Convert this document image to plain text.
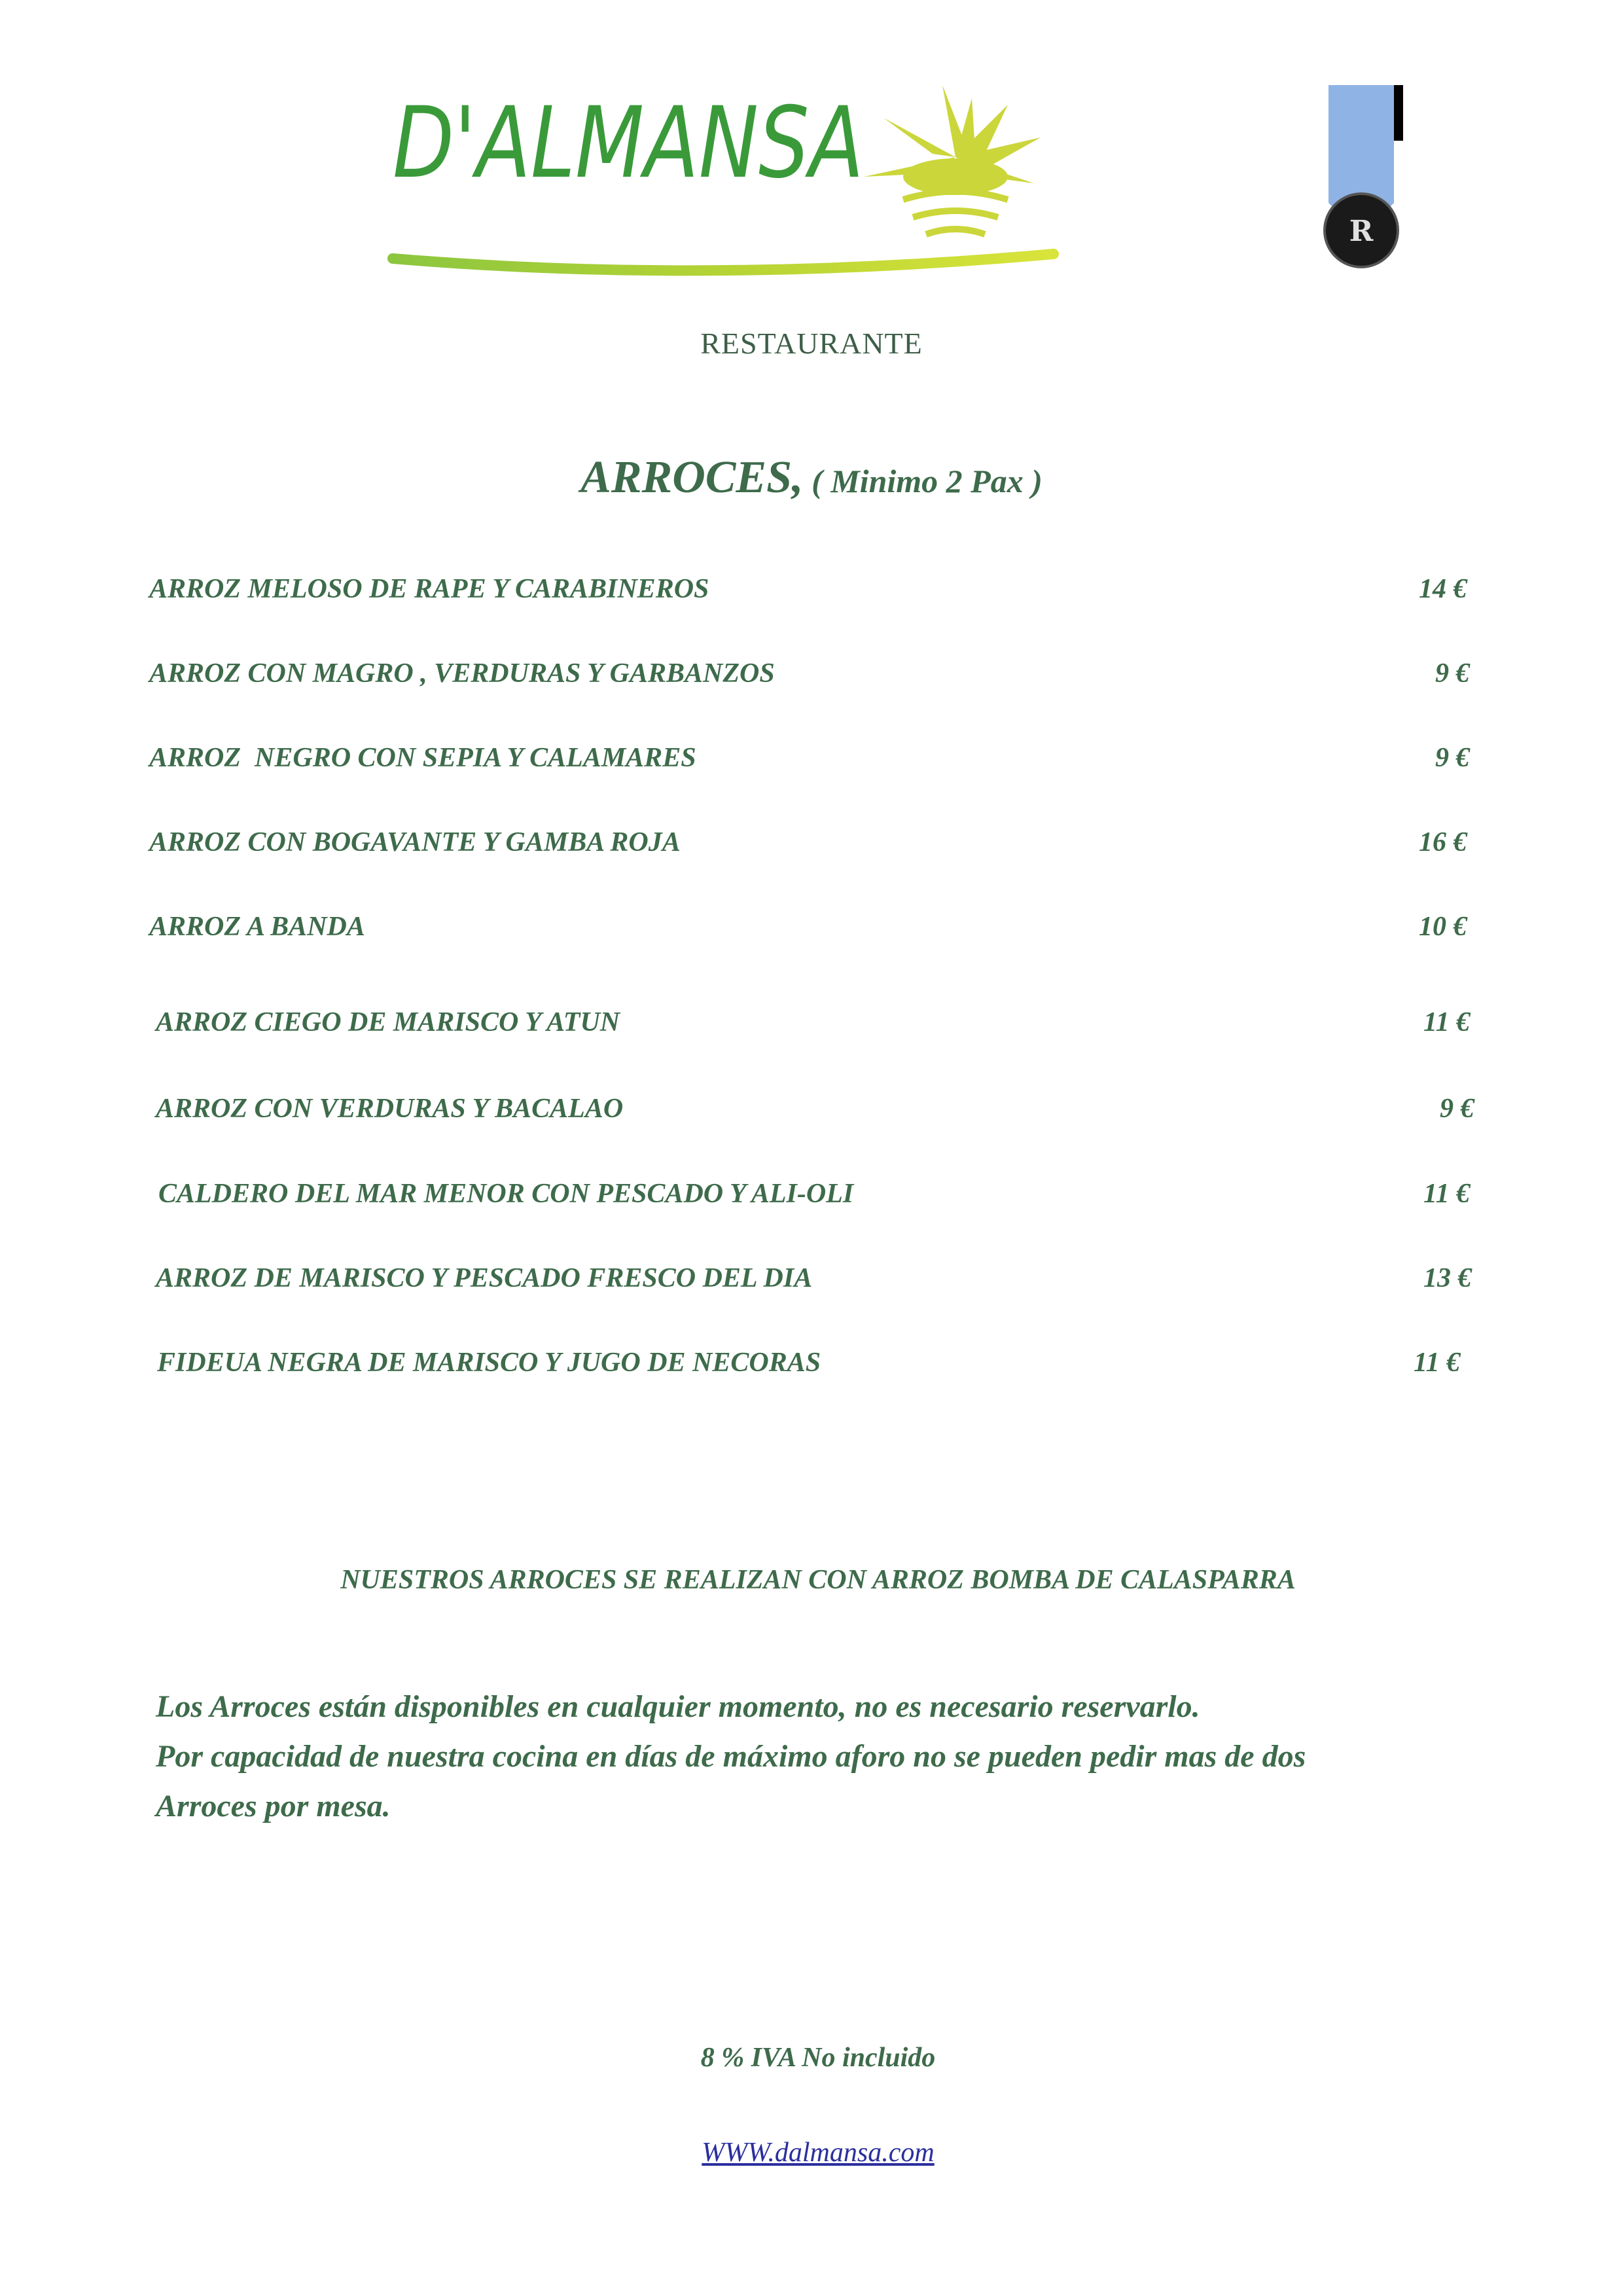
D'ALMANSA
R
RESTAURANTE
ARROCES, ( Minimo 2 Pax )
ARROZ MELOSO DE RAPE Y CARABINEROS	14 €
ARROZ CON MAGRO , VERDURAS Y GARBANZOS	9 €
ARROZ  NEGRO CON SEPIA Y CALAMARES	9 €
ARROZ CON BOGAVANTE Y GAMBA ROJA	16 €
ARROZ A BANDA	10 €
ARROZ CIEGO DE MARISCO Y ATUN	11 €
ARROZ CON VERDURAS Y BACALAO	9 €
CALDERO DEL MAR MENOR CON PESCADO Y ALI-OLI	11 €
ARROZ DE MARISCO Y PESCADO FRESCO DEL DIA	13 €
FIDEUA NEGRA DE MARISCO Y JUGO DE NECORAS	11 €
NUESTROS ARROCES SE REALIZAN CON ARROZ BOMBA DE CALASPARRA
Los Arroces están disponibles en cualquier momento, no es necesario reservarlo.
Por capacidad de nuestra cocina en días de máximo aforo no se pueden pedir mas de dos
Arroces por mesa.
8 % IVA No incluido
WWW.dalmansa.com
